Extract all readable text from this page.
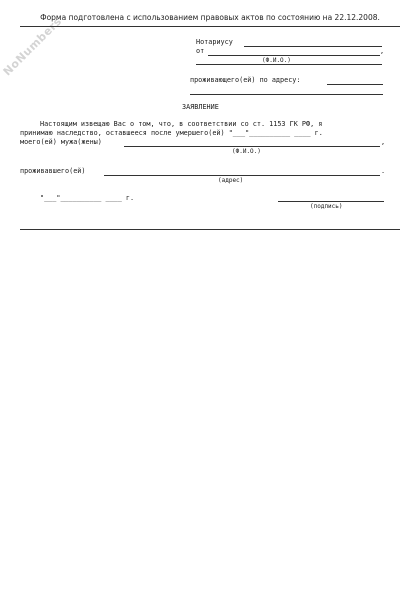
NoNumbers
Форма подготовлена с использованием правовых актов по состоянию на 22.12.2008.
Нотариусу
от	,
(Ф.И.О.)
проживающего(ей) по адресу:
ЗАЯВЛЕНИЕ
Настоящим извещаю Вас о том, что, в соответствии со ст. 1153 ГК РФ, я
принимаю наследство, оставшееся после умершего(ей) "___"__________ ____ г.
моего(ей) мужа(жены)	,
(Ф.И.О.)
проживавшего(ей)	.
(адрес)
"___"__________ ____ г.
(подпись)
